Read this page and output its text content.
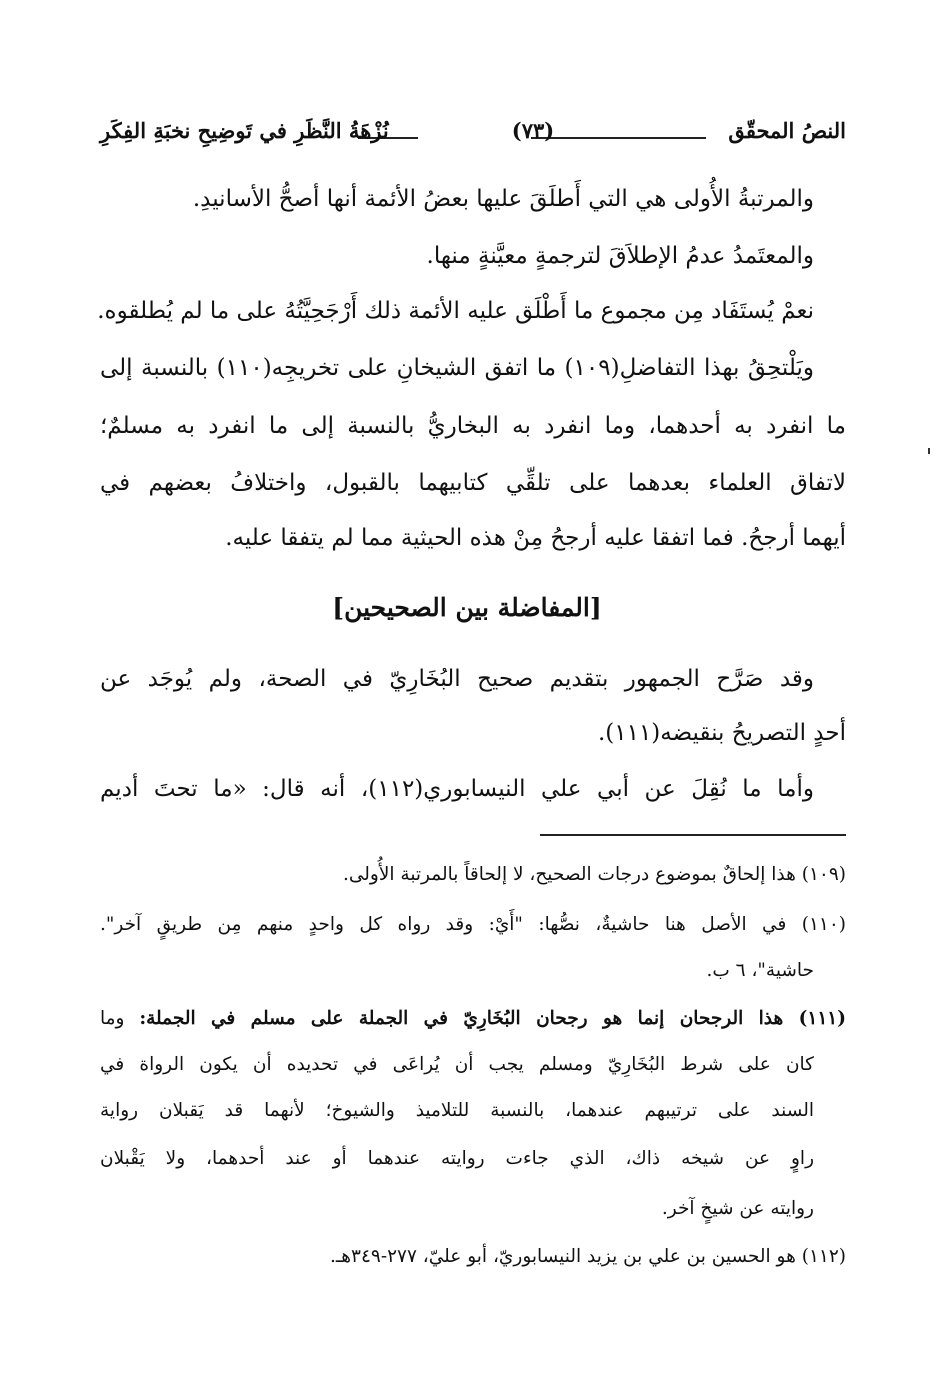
النصُ المحقّق
(٧٣)
نُزْهَةُ النَّظَرِ في تَوضِيحِ نخبَةِ الفِكَرِ
والمرتبةُ الأُولى هي التي أَطلَقَ عليها بعضُ الأئمة أنها أصحُّ الأسانيدِ.
والمعتَمدُ عدمُ الإطلاَقَ لترجمةٍ معيَّنةٍ منها.
نعمْ يُستَفَاد مِن مجموع ما أَطْلَق عليه الأئمة ذلك أَرْجَحِيَّتُهُ على ما لم يُطلقوه.
ويَلْتحِقُ بهذا التفاضلِ(١٠٩) ما اتفق الشيخانِ على تخريجِه(١١٠) بالنسبة إلى
ما انفرد به أحدهما، وما انفرد به البخاريُّ بالنسبة إلى ما انفرد به مسلمٌ؛
لاتفاق العلماء بعدهما على تلقِّي كتابيهما بالقبول، واختلافُ بعضهم في
أيهما أرجحُ. فما اتفقا عليه أرجحُ مِنْ هذه الحيثية مما لم يتفقا عليه.
[المفاضلة بين الصحيحين]
وقد صَرَّح الجمهور بتقديم صحيح البُخَارِيّ في الصحة، ولم يُوجَد عن
أحدٍ التصريحُ بنقيضه(١١١).
وأما ما نُقِلَ عن أبي علي النيسابوري(١١٢)، أنه قال: «ما تحتَ أديم
(١٠٩) هذا إلحاقٌ بموضوع درجات الصحيح، لا إلحاقاً بالمرتبة الأُولى.
(١١٠) في الأصل هنا حاشيةٌ، نصُّها: "أَيْ: وقد رواه كل واحدٍ منهم مِن طريقٍ آخر".
حاشية"، ٦ ب.
(١١١) هذا الرجحان إنما هو رجحان البُخَارِيّ في الجملة على مسلم في الجملة: وما
كان على شرط البُخَارِيّ ومسلم يجب أن يُراعَى في تحديده أن يكون الرواة في
السند على ترتيبهم عندهما، بالنسبة للتلاميذ والشيوخ؛ لأنهما قد يَقبلان رواية
راوٍ عن شيخه ذاك، الذي جاءت روايته عندهما أو عند أحدهما، ولا يَقْبلان
روايته عن شيخٍ آخر.
(١١٢) هو الحسين بن علي بن يزيد النيسابوريّ، أبو عليّ، ٢٧٧-٣٤٩هـ.
